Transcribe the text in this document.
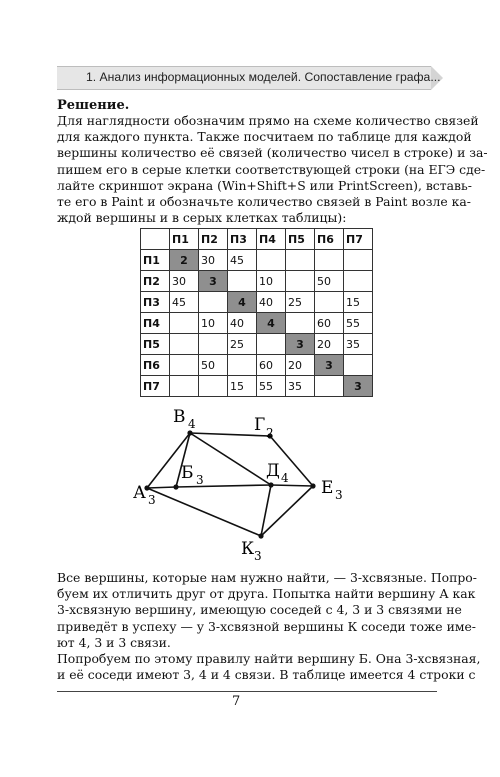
1. Анализ информационных моделей. Сопоставление графа...
Решение.
Для наглядности обозначим прямо на схеме количество связей
для каждого пункта. Также посчитаем по таблице для каждой
вершины количество её связей (количество чисел в строке) и за-
пишем его в серые клетки соответствующей строки (на ЕГЭ сде-
лайте скриншот экрана (Win+Shift+S или PrintScreen), вставь-
те его в Paint и обозначьте количество связей в Paint возле ка-
ждой вершины и в серых клетках таблицы):
	П1	П2	П3	П4	П5	П6	П7
П1	2	30	45				
П2	30	3		10		50	
П3	45		4	40	25		15
П4		10	40	4		60	55
П5			25		3	20	35
П6		50		60	20	3	
П7			15	55	35		3
В 4	Г 2
Б 3	Д 4
А 3
Е 3
К 3
Все вершины, которые нам нужно найти, — 3-хсвязные. Попро-
буем их отличить друг от друга. Попытка найти вершину А как
3-хсвязную вершину, имеющую соседей с 4, 3 и 3 связями не
приведёт в успеху — у 3-хсвязной вершины К соседи тоже име-
ют 4, 3 и 3 связи.
Попробуем по этому правилу найти вершину Б. Она 3-хсвязная,
и её соседи имеют 3, 4 и 4 связи. В таблице имеется 4 строки с
7
